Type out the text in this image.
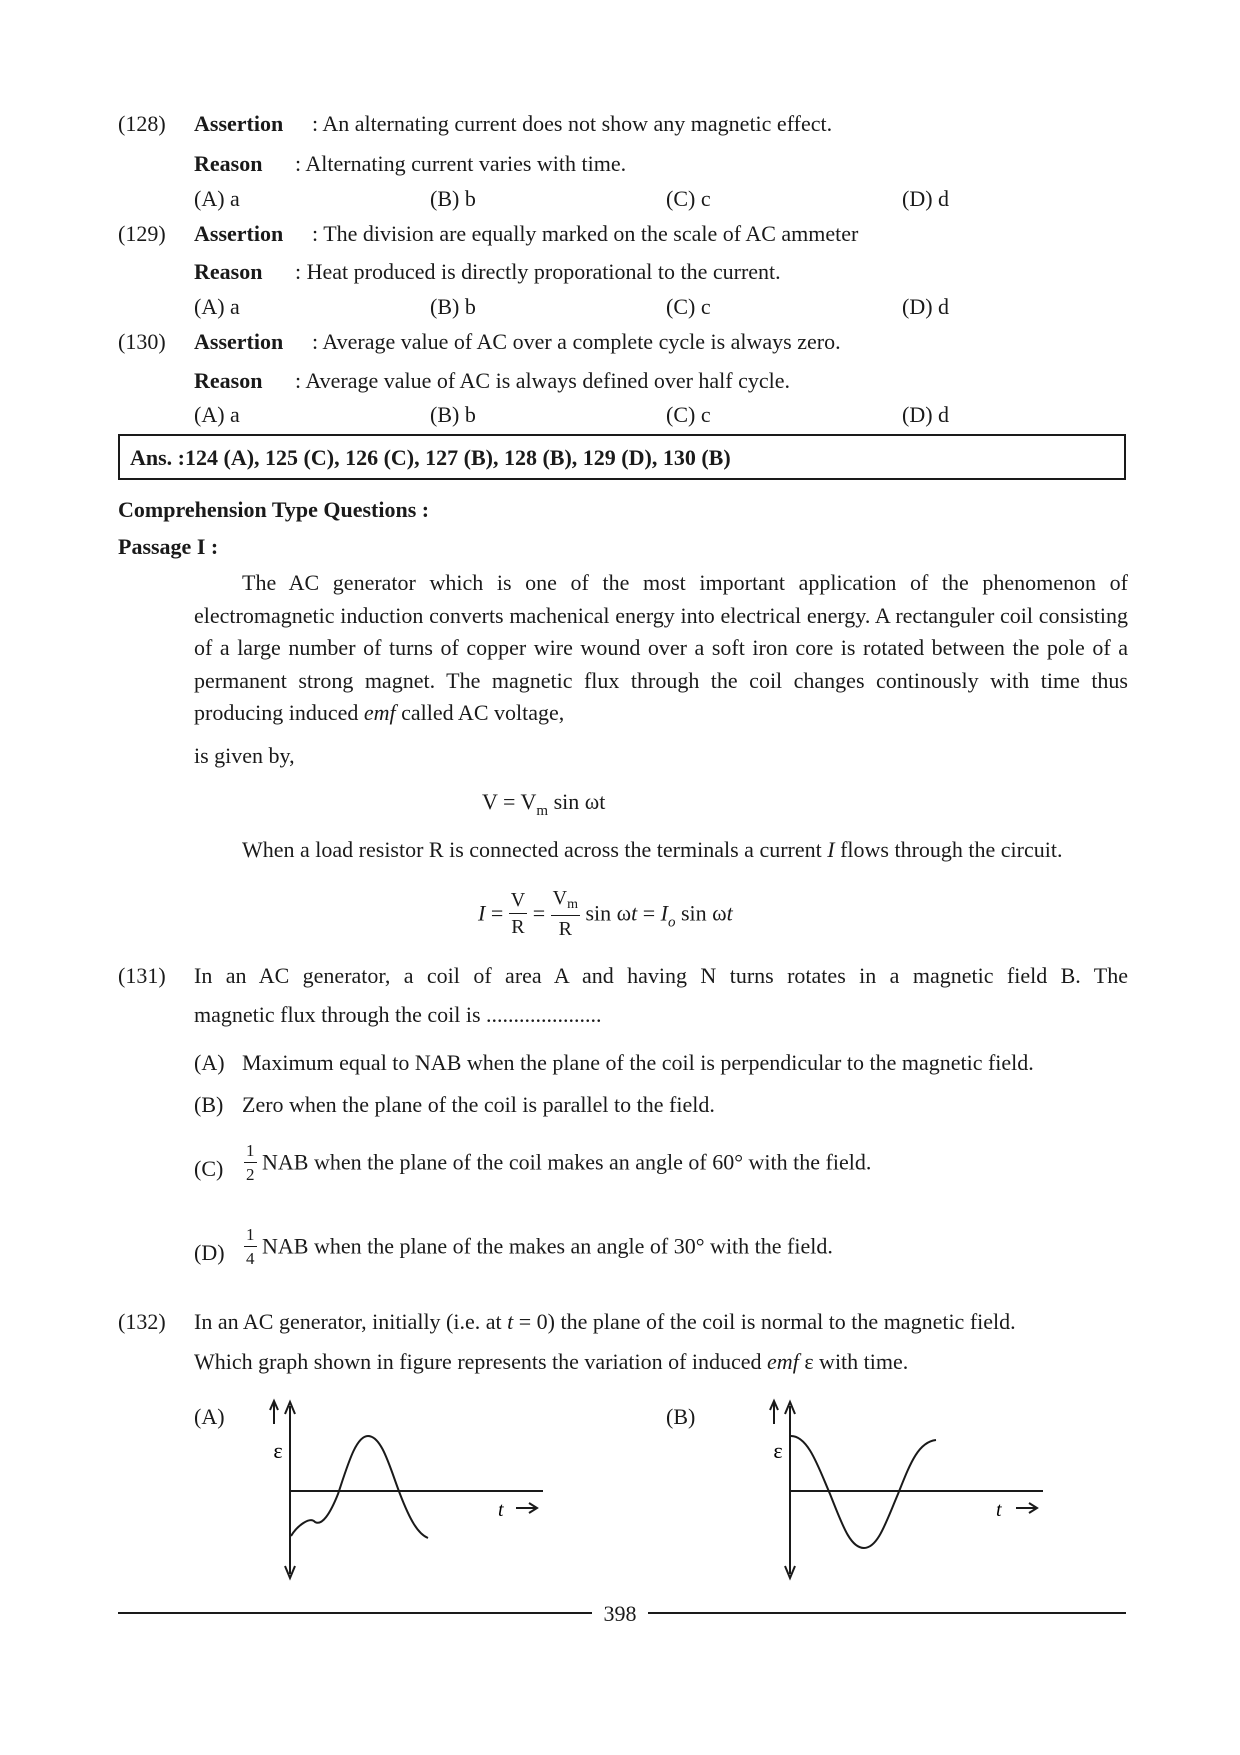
(128) Assertion : An alternating current does not show any magnetic effect.
Reason : Alternating current varies with time.
(A) a	(B) b	(C) c	(D) d
(129) Assertion : The division are equally marked on the scale of AC ammeter
Reason : Heat produced is directly proporational to the current.
(A) a	(B) b	(C) c	(D) d
(130) Assertion : Average value of AC over a complete cycle is always zero.
Reason : Average value of AC is always defined over half cycle.
(A) a	(B) b	(C) c	(D) d
Ans. :124 (A), 125 (C), 126 (C), 127 (B), 128 (B), 129 (D), 130 (B)
Comprehension Type Questions :
Passage I :
The AC generator which is one of the most important application of the phenomenon of electromagnetic induction converts machenical energy into electrical energy. A rectanguler coil consisting of a large number of turns of copper wire wound over a soft iron core is rotated between the pole of a permanent strong magnet. The magnetic flux through the coil changes continously with time thus producing induced emf called AC voltage,
is given by,
$V = V_m$ sin ωt
When a load resistor R is connected across the terminals a current I flows through the circuit.
$I = \frac{V}{R} = \frac{V_m}{R}$ $\sin \omega t = I_o$ sin ωt
(131) In an AC generator, a coil of area A and having N turns rotates in a magnetic field B. The
magnetic flux through the coil is .....................
(A) Maximum equal to NAB when the plane of the coil is perpendicular to the magnetic field.
(B) Zero when the plane of the coil is parallel to the field.
$(C) \frac{1}{2}$ NAB when the plane of the coil makes an angle of 60° with the field.
$(D) \frac{1}{4}$ NAB when the plane of the makes an angle of 30° with the field.
(132) In an AC generator, initially (i.e. at t = 0) the plane of the coil is normal to the magnetic field.
Which graph shown in figure represents the variation of induced emf ε with time.
(A)
ε
t
(B)
ε
t
398
